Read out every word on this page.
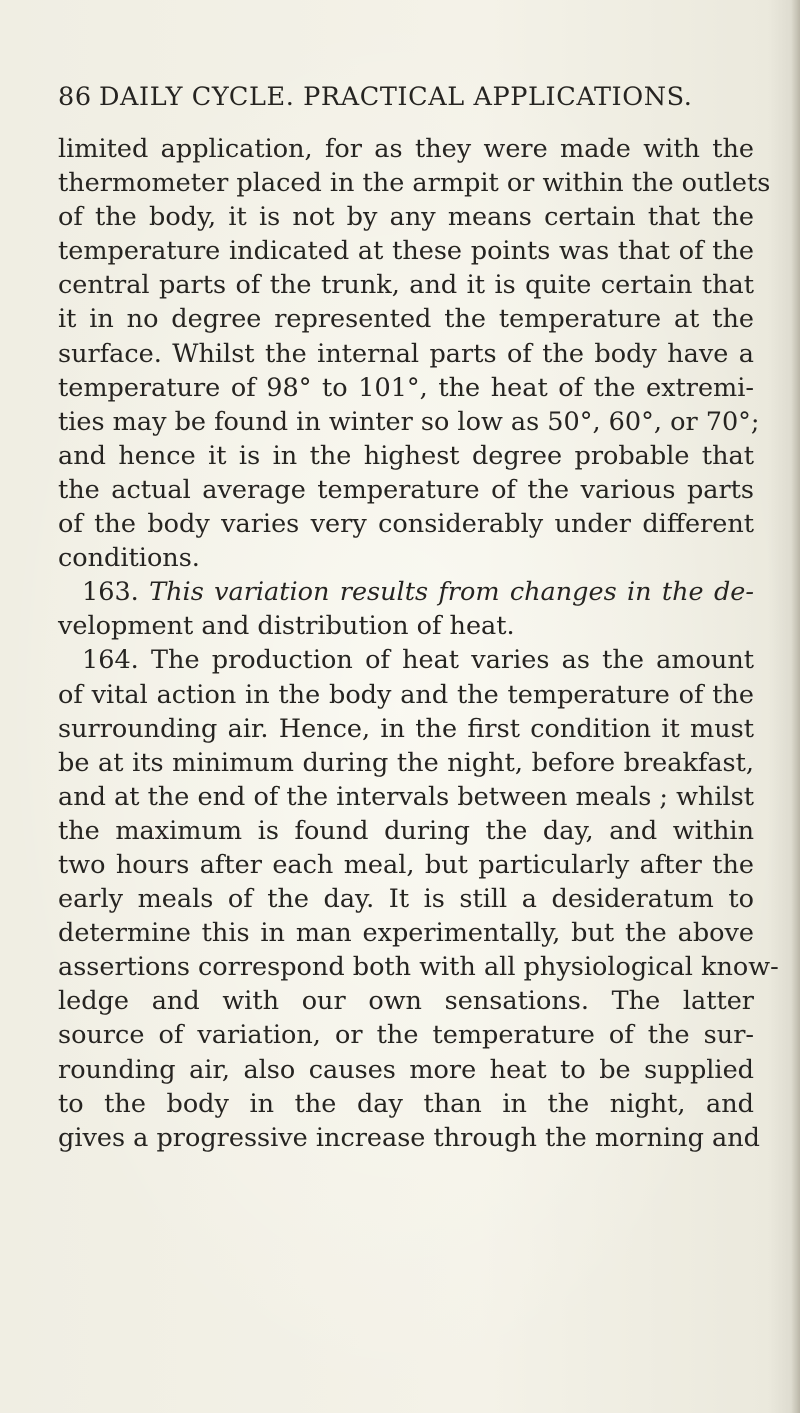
86 DAILY CYCLE. PRACTICAL APPLICATIONS.
limited application, for as they were made with the
thermometer placed in the armpit or within the outlets
of the body, it is not by any means certain that the
temperature indicated at these points was that of the
central parts of the trunk, and it is quite certain that
it in no degree represented the temperature at the
surface. Whilst the internal parts of the body have a
temperature of 98° to 101°, the heat of the extremi-
ties may be found in winter so low as 50°, 60°, or 70°;
and hence it is in the highest degree probable that
the actual average temperature of the various parts
of the body varies very considerably under different
conditions.
163. This variation results from changes in the de-
velopment and distribution of heat.
164. The production of heat varies as the amount
of vital action in the body and the temperature of the
surrounding air. Hence, in the first condition it must
be at its minimum during the night, before breakfast,
and at the end of the intervals between meals ; whilst
the maximum is found during the day, and within
two hours after each meal, but particularly after the
early meals of the day. It is still a desideratum to
determine this in man experimentally, but the above
assertions correspond both with all physiological know-
ledge and with our own sensations. The latter
source of variation, or the temperature of the sur-
rounding air, also causes more heat to be supplied
to the body in the day than in the night, and
gives a progressive increase through the morning and
